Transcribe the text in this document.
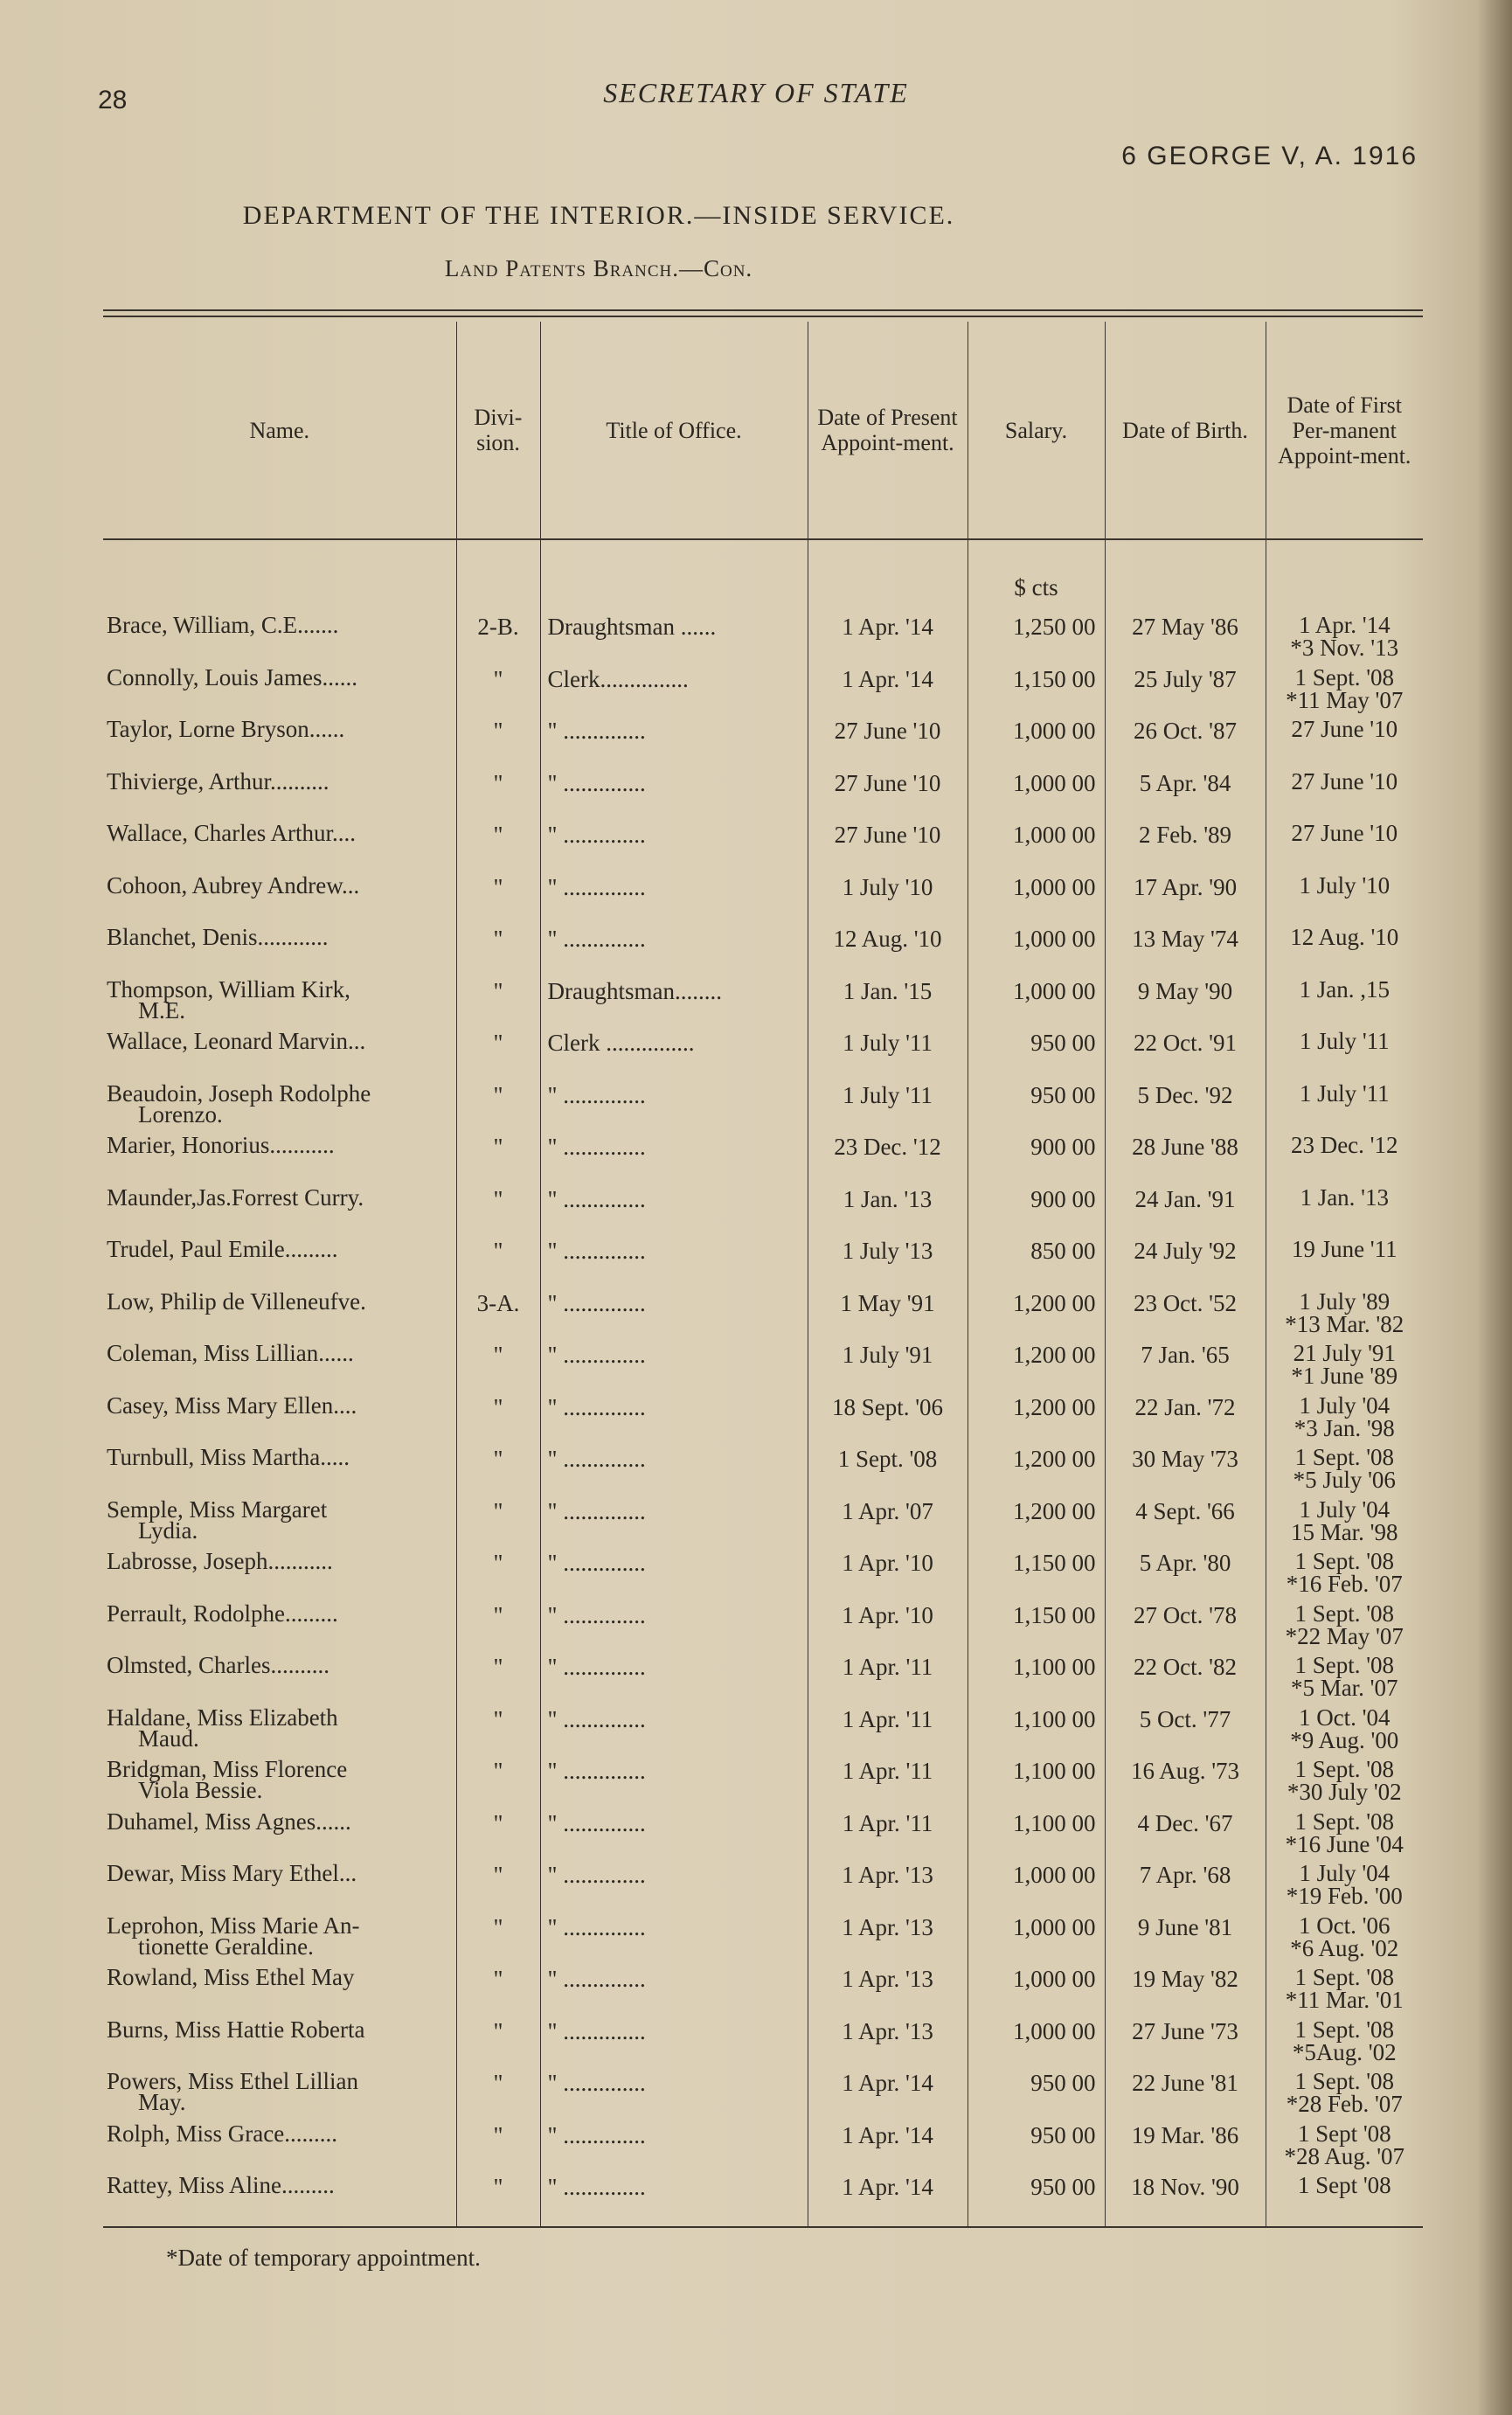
28	SECRETARY OF STATE
6 GEORGE V, A. 1916
DEPARTMENT OF THE INTERIOR.—INSIDE SERVICE.
Land Patents Branch.—Con.
Name.	Divi-sion.	Title of Office.	Date of Present Appoint-ment.	Salary.	Date of Birth.	Date of First Per-manent Appoint-ment.
				$ cts		
Brace, William, C.E.......	2-B.	Draughtsman ......	1 Apr. '14	1,250 00	27 May '86	1 Apr. '14
*3 Nov. '13

Connolly, Louis James......	"	Clerk...............	1 Apr. '14	1,150 00	25 July '87	1 Sept. '08
*11 May '07

Taylor, Lorne Bryson......	"	" ..............	27 June '10	1,000 00	26 Oct. '87	27 June '10

Thivierge, Arthur..........	"	" ..............	27 June '10	1,000 00	5 Apr. '84	27 June '10

Wallace, Charles Arthur....	"	" ..............	27 June '10	1,000 00	2 Feb. '89	27 June '10

Cohoon, Aubrey Andrew...	"	" ..............	1 July '10	1,000 00	17 Apr. '90	1 July '10

Blanchet, Denis............	"	" ..............	12 Aug. '10	1,000 00	13 May '74	12 Aug. '10

Thompson, William Kirk,
M.E.	"	Draughtsman........	1 Jan. '15	1,000 00	9 May '90	1 Jan. ,15

Wallace, Leonard Marvin...	"	Clerk ...............	1 July '11	950 00	22 Oct. '91	1 July '11

Beaudoin, Joseph Rodolphe
Lorenzo.	"	" ..............	1 July '11	950 00	5 Dec. '92	1 July '11

Marier, Honorius...........	"	" ..............	23 Dec. '12	900 00	28 June '88	23 Dec. '12

Maunder,Jas.Forrest Curry.	"	" ..............	1 Jan. '13	900 00	24 Jan. '91	1 Jan. '13

Trudel, Paul Emile.........	"	" ..............	1 July '13	850 00	24 July '92	19 June '11

Low, Philip de Villeneufve.	3-A.	" ..............	1 May '91	1,200 00	23 Oct. '52	1 July '89
*13 Mar. '82

Coleman, Miss Lillian......	"	" ..............	1 July '91	1,200 00	7 Jan. '65	21 July '91
*1 June '89

Casey, Miss Mary Ellen....	"	" ..............	18 Sept. '06	1,200 00	22 Jan. '72	1 July '04
*3 Jan. '98

Turnbull, Miss Martha.....	"	" ..............	1 Sept. '08	1,200 00	30 May '73	1 Sept. '08
*5 July '06

Semple, Miss Margaret
Lydia.	"	" ..............	1 Apr. '07	1,200 00	4 Sept. '66	1 July '04
15 Mar. '98

Labrosse, Joseph...........	"	" ..............	1 Apr. '10	1,150 00	5 Apr. '80	1 Sept. '08
*16 Feb. '07

Perrault, Rodolphe.........	"	" ..............	1 Apr. '10	1,150 00	27 Oct. '78	1 Sept. '08
*22 May '07

Olmsted, Charles..........	"	" ..............	1 Apr. '11	1,100 00	22 Oct. '82	1 Sept. '08
*5 Mar. '07

Haldane, Miss Elizabeth
Maud.	"	" ..............	1 Apr. '11	1,100 00	5 Oct. '77	1 Oct. '04
*9 Aug. '00

Bridgman, Miss Florence
Viola Bessie.	"	" ..............	1 Apr. '11	1,100 00	16 Aug. '73	1 Sept. '08
*30 July '02

Duhamel, Miss Agnes......	"	" ..............	1 Apr. '11	1,100 00	4 Dec. '67	1 Sept. '08
*16 June '04

Dewar, Miss Mary Ethel...	"	" ..............	1 Apr. '13	1,000 00	7 Apr. '68	1 July '04
*19 Feb. '00

Leprohon, Miss Marie An-
tionette Geraldine.	"	" ..............	1 Apr. '13	1,000 00	9 June '81	1 Oct. '06
*6 Aug. '02

Rowland, Miss Ethel May	"	" ..............	1 Apr. '13	1,000 00	19 May '82	1 Sept. '08
*11 Mar. '01

Burns, Miss Hattie Roberta	"	" ..............	1 Apr. '13	1,000 00	27 June '73	1 Sept. '08
*5Aug. '02

Powers, Miss Ethel Lillian
May.	"	" ..............	1 Apr. '14	950 00	22 June '81	1 Sept. '08
*28 Feb. '07

Rolph, Miss Grace.........	"	" ..............	1 Apr. '14	950 00	19 Mar. '86	1 Sept '08
*28 Aug. '07

Rattey, Miss Aline.........	"	" ..............	1 Apr. '14	950 00	18 Nov. '90	1 Sept '08
*Date of temporary appointment.
